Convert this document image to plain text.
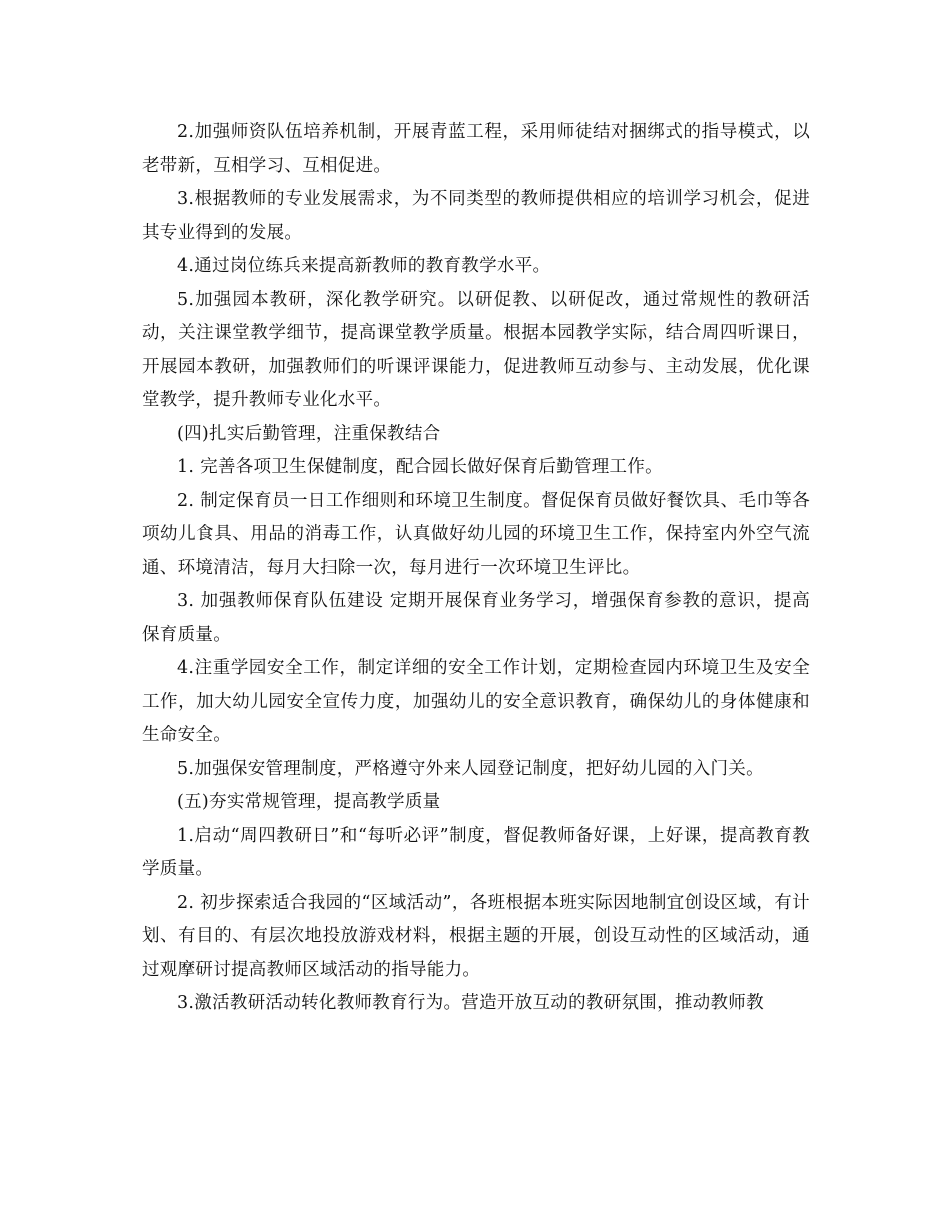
2.加强师资队伍培养机制，开展青蓝工程，采用师徒结对捆绑式的指导模式，以老带新，互相学习、互相促进。

3.根据教师的专业发展需求，为不同类型的教师提供相应的培训学习机会，促进其专业得到的发展。

4.通过岗位练兵来提高新教师的教育教学水平。

5.加强园本教研，深化教学研究。以研促教、以研促改，通过常规性的教研活动，关注课堂教学细节，提高课堂教学质量。根据本园教学实际，结合周四听课日，开展园本教研，加强教师们的听课评课能力，促进教师互动参与、主动发展，优化课堂教学，提升教师专业化水平。

(四)扎实后勤管理，注重保教结合

1. 完善各项卫生保健制度，配合园长做好保育后勤管理工作。

2. 制定保育员一日工作细则和环境卫生制度。督促保育员做好餐饮具、毛巾等各项幼儿食具、用品的消毒工作，认真做好幼儿园的环境卫生工作，保持室内外空气流通、环境清洁，每月大扫除一次，每月进行一次环境卫生评比。

3. 加强教师保育队伍建设 定期开展保育业务学习，增强保育参教的意识，提高保育质量。

4.注重学园安全工作，制定详细的安全工作计划，定期检查园内环境卫生及安全工作，加大幼儿园安全宣传力度，加强幼儿的安全意识教育，确保幼儿的身体健康和生命安全。

5.加强保安管理制度，严格遵守外来人园登记制度，把好幼儿园的入门关。

(五)夯实常规管理，提高教学质量

1.启动“周四教研日”和“每听必评”制度，督促教师备好课，上好课，提高教育教学质量。

2. 初步探索适合我园的“区域活动”，各班根据本班实际因地制宜创设区域，有计划、有目的、有层次地投放游戏材料，根据主题的开展，创设互动性的区域活动，通过观摩研讨提高教师区域活动的指导能力。

3.激活教研活动转化教师教育行为。营造开放互动的教研氛围，推动教师教
